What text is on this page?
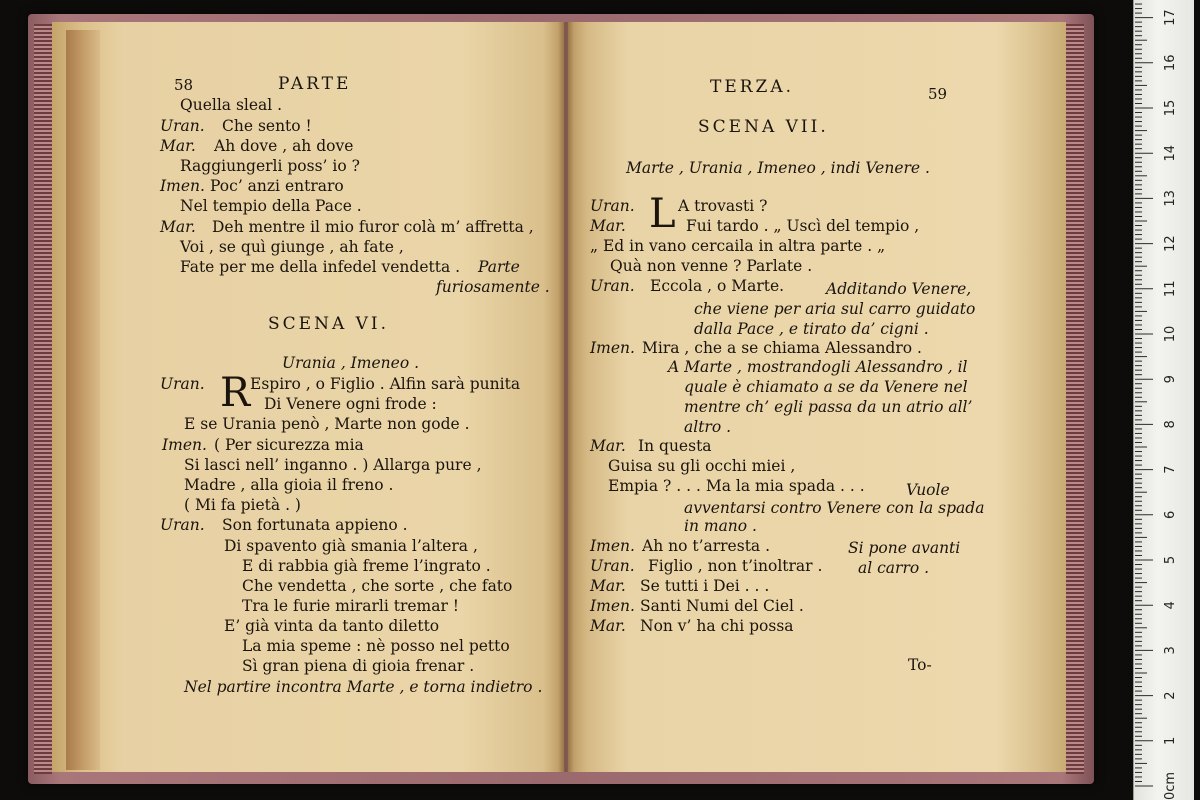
58	PARTE
Quella sleal .
Uran. Che sento !
Mar. Ah dove , ah dove
Raggiungerli poss’ io ?
Imen. Poc’ anzi entraro
Nel tempio della Pace .
Mar. Deh mentre il mio furor colà m’ affretta ,
Voi , se quì giunge , ah fate ,
Fate per me della infedel vendetta . Parte
furiosamente .
SCENA VI.
Urania , Imeneo .
Uran. R Espiro , o Figlio . Alfin sarà punita
Di Venere ogni frode :
E se Urania penò , Marte non gode .
Imen. ( Per sicurezza mia
Si lasci nell’ inganno . ) Allarga pure ,
Madre , alla gioia il freno .
( Mi fa pietà . )
Uran. Son fortunata appieno .
Di spavento già smania l’altera ,
E di rabbia già freme l’ingrato .
Che vendetta , che sorte , che fato
Tra le furie mirarli tremar !
E’ già vinta da tanto diletto
La mia speme : nè posso nel petto
Sì gran piena di gioia frenar .
Nel partire incontra Marte , e torna indietro .
TERZA.	59
SCENA VII.
Marte , Urania , Imeneo , indi Venere .
Uran. L A trovasti ?
Mar.	Fui tardo . „ Uscì del tempio ,
„ Ed in vano cercaila in altra parte . „
Quà non venne ? Parlate .
Uran. Eccola , o Marte.	Additando Venere,
che viene per aria sul carro guidato
dalla Pace , e tirato da’ cigni .
Imen. Mira , che a se chiama Alessandro .
A Marte , mostrandogli Alessandro , il
quale è chiamato a se da Venere nel
mentre ch’ egli passa da un atrio all’
altro .
Mar. In questa
Guisa su gli occhi miei ,
Empia ? . . . Ma la mia spada . . .	Vuole
avventarsi contro Venere con la spada
in mano .
Imen. Ah no t’arresta .	Si pone avanti
Uran. Figlio , non t’inoltrar . al carro .
Mar. Se tutti i Dei . . .
Imen. Santi Numi del Ciel .
Mar. Non v’ ha chi possa
To-
0cm
1
2
3
4
5
6
7
8
9
10
11
12
13
14
15
16
17
